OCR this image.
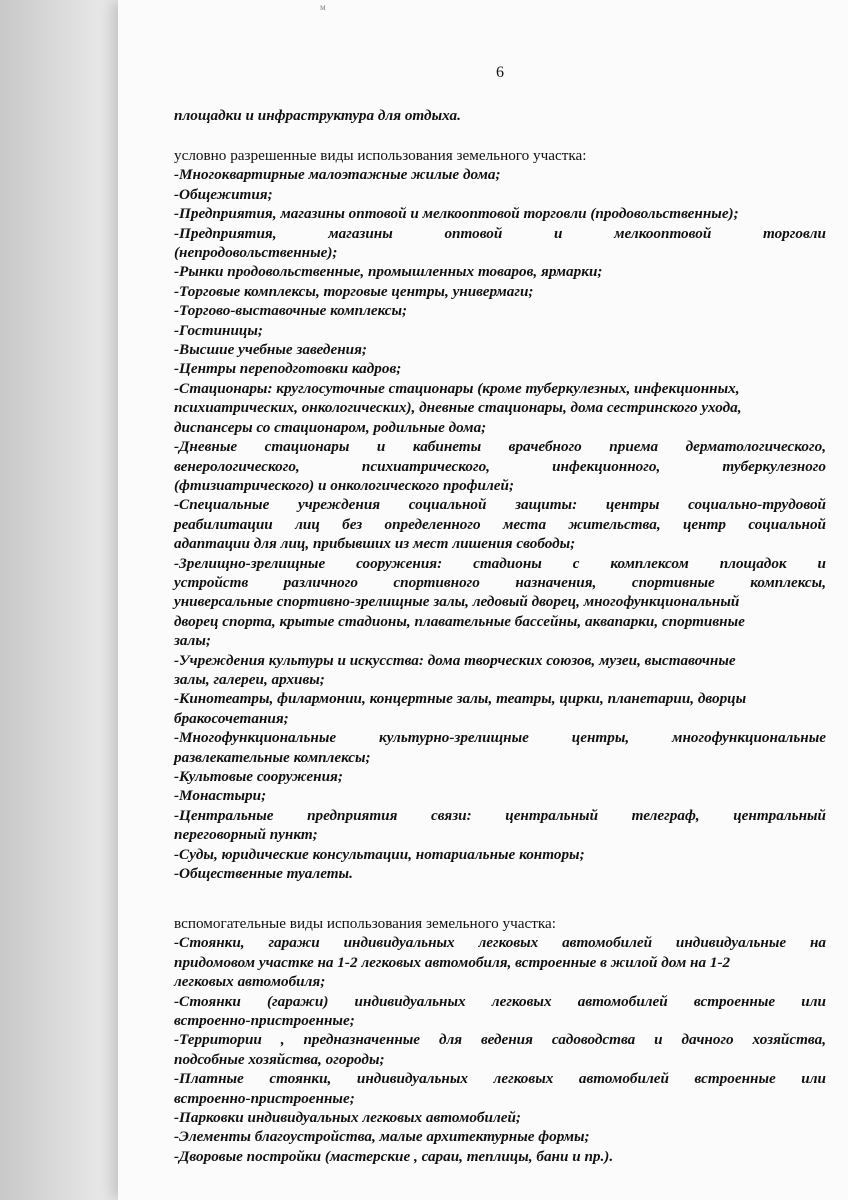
м
6
площадки и инфраструктура для отдыха.
условно разрешенные виды использования земельного участка:
-Многоквартирные малоэтажные жилые дома;
-Общежития;
-Предприятия, магазины оптовой и мелкооптовой торговли (продовольственные);
-Предприятия, магазины оптовой и мелкооптовой торговли
(непродовольственные);
-Рынки продовольственные, промышленных товаров, ярмарки;
-Торговые комплексы, торговые центры, универмаги;
-Торгово-выставочные комплексы;
-Гостиницы;
-Высшие учебные заведения;
-Центры переподготовки кадров;
-Стационары: круглосуточные стационары (кроме туберкулезных, инфекционных,
психиатрических, онкологических), дневные стационары, дома сестринского ухода,
диспансеры со стационаром, родильные дома;
-Дневные стационары и кабинеты врачебного приема дерматологического,
венерологического, психиатрического, инфекционного, туберкулезного
(фтизиатрического) и онкологического профилей;
-Специальные учреждения социальной защиты: центры социально-трудовой
реабилитации лиц без определенного места жительства, центр социальной
адаптации для лиц, прибывших из мест лишения свободы;
-Зрелищно-зрелищные сооружения: стадионы с комплексом площадок и
устройств различного спортивного назначения, спортивные комплексы,
универсальные спортивно-зрелищные залы, ледовый дворец, многофункциональный
дворец спорта, крытые стадионы, плавательные бассейны, аквапарки, спортивные
залы;
-Учреждения культуры и искусства: дома творческих союзов, музеи, выставочные
залы, галереи, архивы;
-Кинотеатры, филармонии, концертные залы, театры, цирки, планетарии, дворцы
бракосочетания;
-Многофункциональные культурно-зрелищные центры, многофункциональные
развлекательные комплексы;
-Культовые сооружения;
-Монастыри;
-Центральные предприятия связи: центральный телеграф, центральный
переговорный пункт;
-Суды, юридические консультации, нотариальные конторы;
-Общественные туалеты.
вспомогательные виды использования земельного участка:
-Стоянки, гаражи индивидуальных легковых автомобилей индивидуальные на
придомовом участке на 1-2 легковых автомобиля, встроенные в жилой дом на 1-2
легковых автомобиля;
-Стоянки (гаражи) индивидуальных легковых автомобилей встроенные или
встроенно-пристроенные;
-Территории , предназначенные для ведения садоводства и дачного хозяйства,
подсобные хозяйства, огороды;
-Платные стоянки, индивидуальных легковых автомобилей встроенные или
встроенно-пристроенные;
-Парковки индивидуальных легковых автомобилей;
-Элементы благоустройства, малые архитектурные формы;
-Дворовые постройки (мастерские , сараи, теплицы, бани и пр.).
